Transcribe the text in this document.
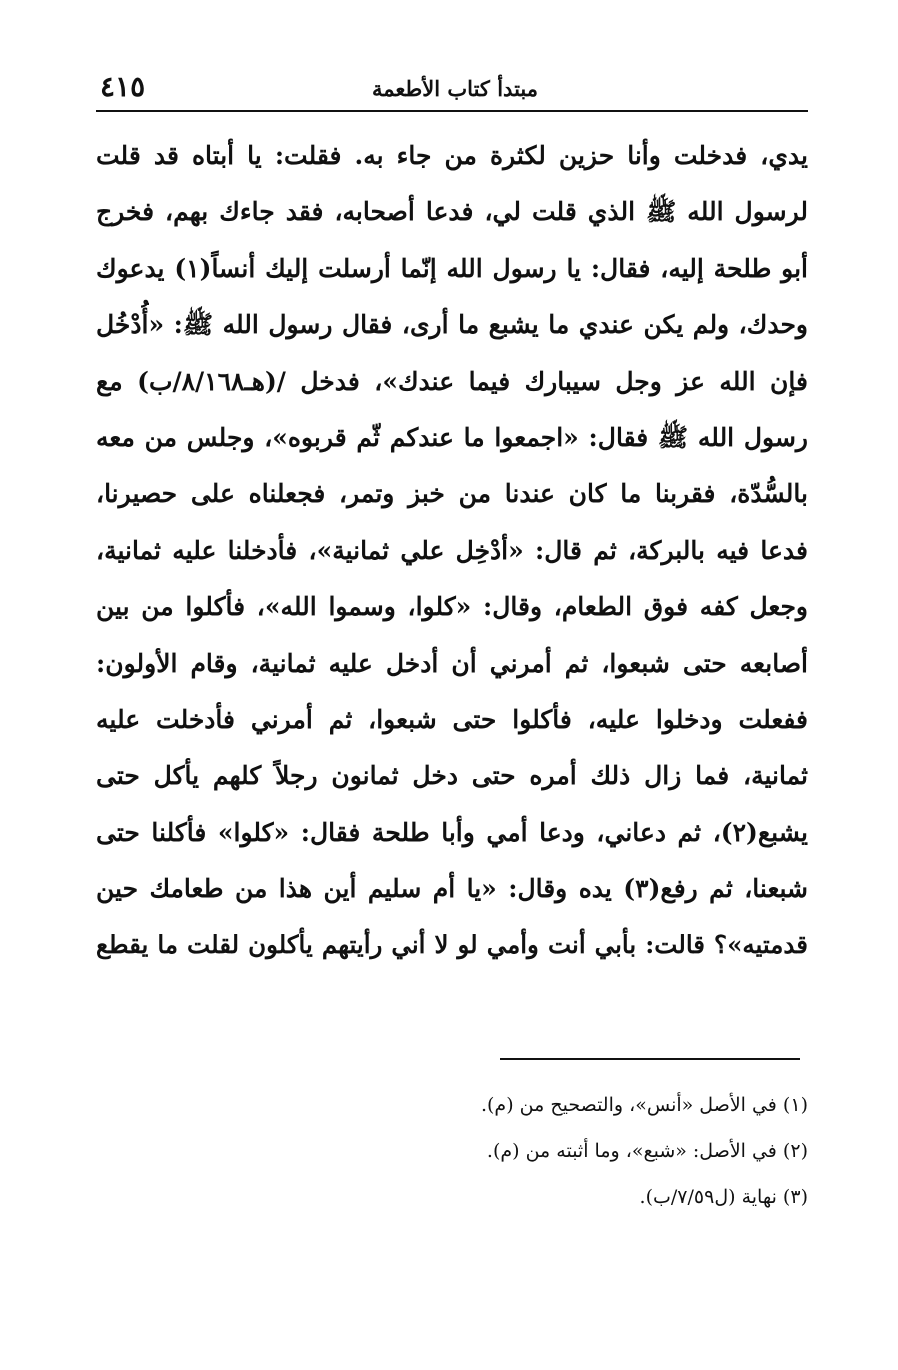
مبتدأ كتاب الأطعمة
٤١٥
يدي، فدخلت وأنا حزين لكثرة من جاء به. فقلت: يا أبتاه قد قلت
لرسول الله ﷺ الذي قلت لي، فدعا أصحابه، فقد جاءك بهم، فخرج
أبو طلحة إليه، فقال: يا رسول الله إنّما أرسلت إليك أنساً(١) يدعوك
وحدك، ولم يكن عندي ما يشبع ما أرى، فقال رسول الله ﷺ: «أُدْخُل
فإن الله عز وجل سيبارك فيما عندك»، فدخل /(هـ٨/١٦٨/ب) مع
رسول الله ﷺ فقال: «اجمعوا ما عندكم ثّم قربوه»، وجلس من معه
بالسُّدّة، فقربنا ما كان عندنا من خبز وتمر، فجعلناه على حصيرنا،
فدعا فيه بالبركة، ثم قال: «أدْخِل علي ثمانية»، فأدخلنا عليه ثمانية،
وجعل كفه فوق الطعام، وقال: «كلوا، وسموا الله»، فأكلوا من بين
أصابعه حتى شبعوا، ثم أمرني أن أدخل عليه ثمانية، وقام الأولون:
ففعلت ودخلوا عليه، فأكلوا حتى شبعوا، ثم أمرني فأدخلت عليه
ثمانية، فما زال ذلك أمره حتى دخل ثمانون رجلاً كلهم يأكل حتى
يشبع(٢)، ثم دعاني، ودعا أمي وأبا طلحة فقال: «كلوا» فأكلنا حتى
شبعنا، ثم رفع(٣) يده وقال: «يا أم سليم أين هذا من طعامك حين
قدمتيه»؟ قالت: بأبي أنت وأمي لو لا أني رأيتهم يأكلون لقلت ما يقطع
(١) في الأصل «أنس»، والتصحيح من (م).
(٢) في الأصل: «شبع»، وما أثبته من (م).
(٣) نهاية (ل٧/٥٩/ب).
